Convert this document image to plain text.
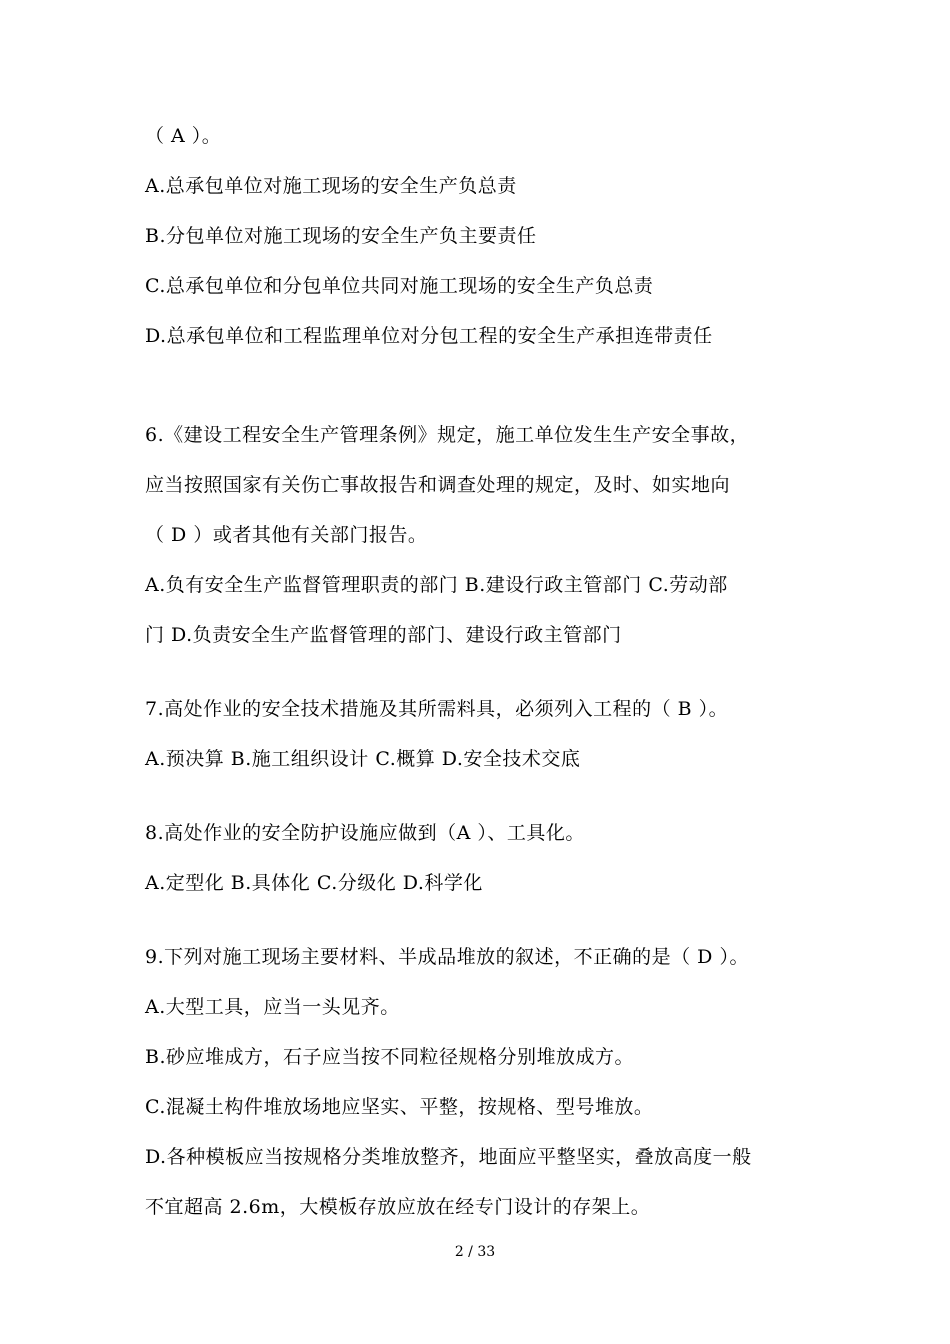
（ A ）。
A.总承包单位对施工现场的安全生产负总责
B.分包单位对施工现场的安全生产负主要责任
C.总承包单位和分包单位共同对施工现场的安全生产负总责
D.总承包单位和工程监理单位对分包工程的安全生产承担连带责任
6.《建设工程安全生产管理条例》规定，施工单位发生生产安全事故，
应当按照国家有关伤亡事故报告和调查处理的规定，及时、如实地向
（ D ）或者其他有关部门报告。
A.负有安全生产监督管理职责的部门 B.建设行政主管部门 C.劳动部
门 D.负责安全生产监督管理的部门、建设行政主管部门
7.高处作业的安全技术措施及其所需料具，必须列入工程的（ B ）。
A.预决算 B.施工组织设计 C.概算 D.安全技术交底
8.高处作业的安全防护设施应做到（A ）、工具化。
A.定型化 B.具体化 C.分级化 D.科学化
9.下列对施工现场主要材料、半成品堆放的叙述，不正确的是（ D ）。
A.大型工具，应当一头见齐。
B.砂应堆成方，石子应当按不同粒径规格分别堆放成方。
C.混凝土构件堆放场地应坚实、平整，按规格、型号堆放。
D.各种模板应当按规格分类堆放整齐，地面应平整坚实，叠放高度一般
不宜超高 2.6m，大模板存放应放在经专门设计的存架上。
2 / 33
